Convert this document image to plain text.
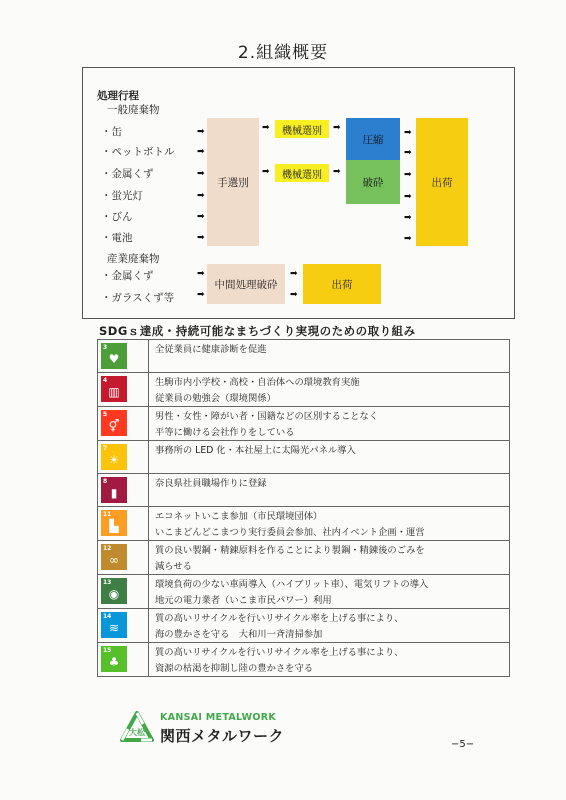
2.組織概要
処理行程
一般廃棄物
・缶
・ペットボトル
・金属くず
・蛍光灯
・びん
・電池
産業廃棄物
・金属くず
・ガラスくず等
➡
➡
➡
➡
➡
➡
➡
➡
手選別
➡
➡
機械選別
機械選別
➡
➡
圧縮
破砕
➡
➡
➡
➡
➡
➡
出荷
中間処理破砕
➡
➡
出荷
SDGｓ達成・持続可能なまちづくり実現のための取り組み
3
♥	全従業員に健康診断を促進

4
▥	生駒市内小学校・高校・自治体への環境教育実施
従業員の勉強会（環境関係）

5
⚥	男性・女性・障がい者・国籍などの区別することなく
平等に働ける会社作りをしている

7
☀	事務所の LED 化・本社屋上に太陽光パネル導入

8
▮	奈良県社員職場作りに登録

11
▙	エコネットいこま参加（市民環境団体）
いこまどんどこまつり実行委員会参加、社内イベント企画・運営

12
∞	質の良い製鋼・精錬原料を作ることにより製鋼・精錬後のごみを
減らせる

13
◉	環境負荷の少ない車両導入（ハイブリット車）、電気リフトの導入
地元の電力業者（いこま市民パワー）利用

14
≋	質の高いリサイクルを行いリサイクル率を上げる事により、
海の豊かさを守る　大和川一斉清掃参加

15
♣	質の高いリサイクルを行いリサイクル率を上げる事により、
資源の枯渇を抑制し陸の豊かさを守る
大松
KANSAI METALWORK
関西メタルワーク	−5−
